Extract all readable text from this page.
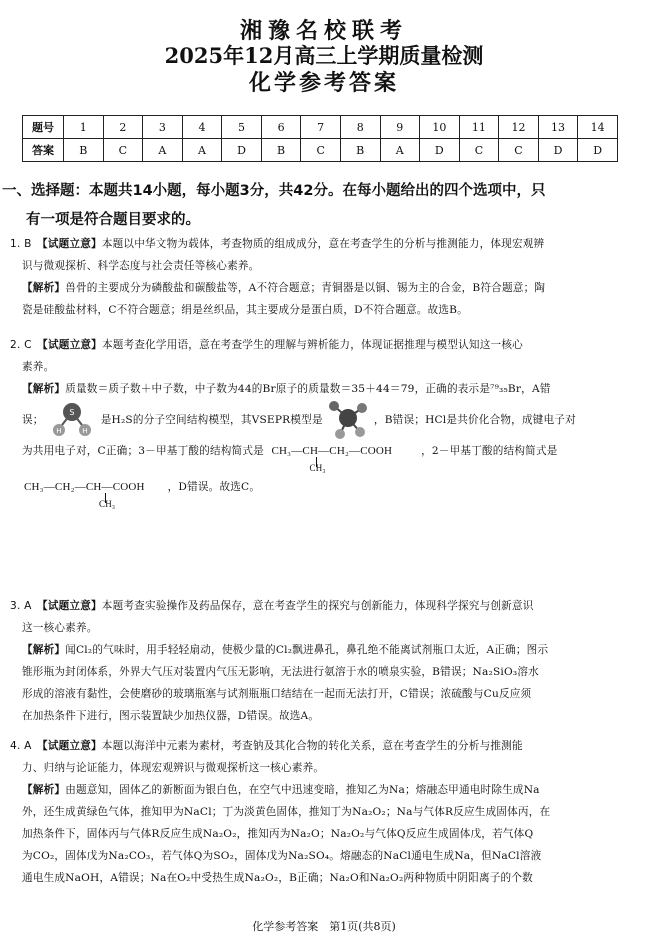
湘豫名校联考
2025年12月高三上学期质量检测
化学参考答案
题号	1	2	3	4	5	6	7	8	9	10	11	12	13	14
答案	B	C	A	A	D	B	C	B	A	D	C	C	D	D
一、选择题：本题共14小题，每小题3分，共42分。在每小题给出的四个选项中，只
有一项是符合题目要求的。
1. B　 【试题立意】本题以中华文物为载体，考查物质的组成成分，意在考查学生的分析与推测能力，体现宏观辨
识与微观探析、科学态度与社会责任等核心素养。
【解析】兽骨的主要成分为磷酸盐和碳酸盐等，A不符合题意；青铜器是以铜、锡为主的合金，B符合题意；陶
瓷是硅酸盐材料，C不符合题意；绢是丝织品，其主要成分是蛋白质，D不符合题意。故选B。
2. C　 【试题立意】本题考查化学用语，意在考查学生的理解与辨析能力，体现证据推理与模型认知这一核心
素养。
【解析】质量数＝质子数＋中子数，中子数为44的Br原子的质量数＝35＋44＝79，正确的表示是⁷⁹₃₅Br，A错
误；
S
H	H
是H₂S的分子空间结构模型，其VSEPR模型是	，B错误；HCl是共价化合物，成键电子对
为共用电子对，C正确；3－甲基丁酸的结构简式是 CH₃—CH—CH₂—COOH
CH₃
，2－甲基丁酸的结构简式是
CH₃—CH₂—CH—COOH
CH₃
，D错误。故选C。
3. A　 【试题立意】本题考查实验操作及药品保存，意在考查学生的探究与创新能力，体现科学探究与创新意识
这一核心素养。
【解析】闻Cl₂的气味时，用手轻轻扇动，使极少量的Cl₂飘进鼻孔，鼻孔绝不能离试剂瓶口太近，A正确；图示
锥形瓶为封闭体系，外界大气压对装置内气压无影响，无法进行氨溶于水的喷泉实验，B错误；Na₂SiO₃溶水
形成的溶液有黏性，会使磨砂的玻璃瓶塞与试剂瓶瓶口结结在一起而无法打开，C错误；浓硫酸与Cu反应须
在加热条件下进行，图示装置缺少加热仪器，D错误。故选A。
4. A　 【试题立意】本题以海洋中元素为素材，考查钠及其化合物的转化关系，意在考查学生的分析与推测能
力、归纳与论证能力，体现宏观辨识与微观探析这一核心素养。
【解析】由题意知，固体乙的新断面为银白色，在空气中迅速变暗，推知乙为Na；熔融态甲通电时除生成Na
外，还生成黄绿色气体，推知甲为NaCl；丁为淡黄色固体，推知丁为Na₂O₂；Na与气体R反应生成固体丙，在
加热条件下，固体丙与气体R反应生成Na₂O₂，推知丙为Na₂O；Na₂O₂与气体Q反应生成固体戊，若气体Q
为CO₂，固体戊为Na₂CO₃，若气体Q为SO₂，固体戊为Na₂SO₄。熔融态的NaCl通电生成Na，但NaCl溶液
通电生成NaOH，A错误；Na在O₂中受热生成Na₂O₂，B正确；Na₂O和Na₂O₂两种物质中阴阳离子的个数
化学参考答案　第1页(共8页)
